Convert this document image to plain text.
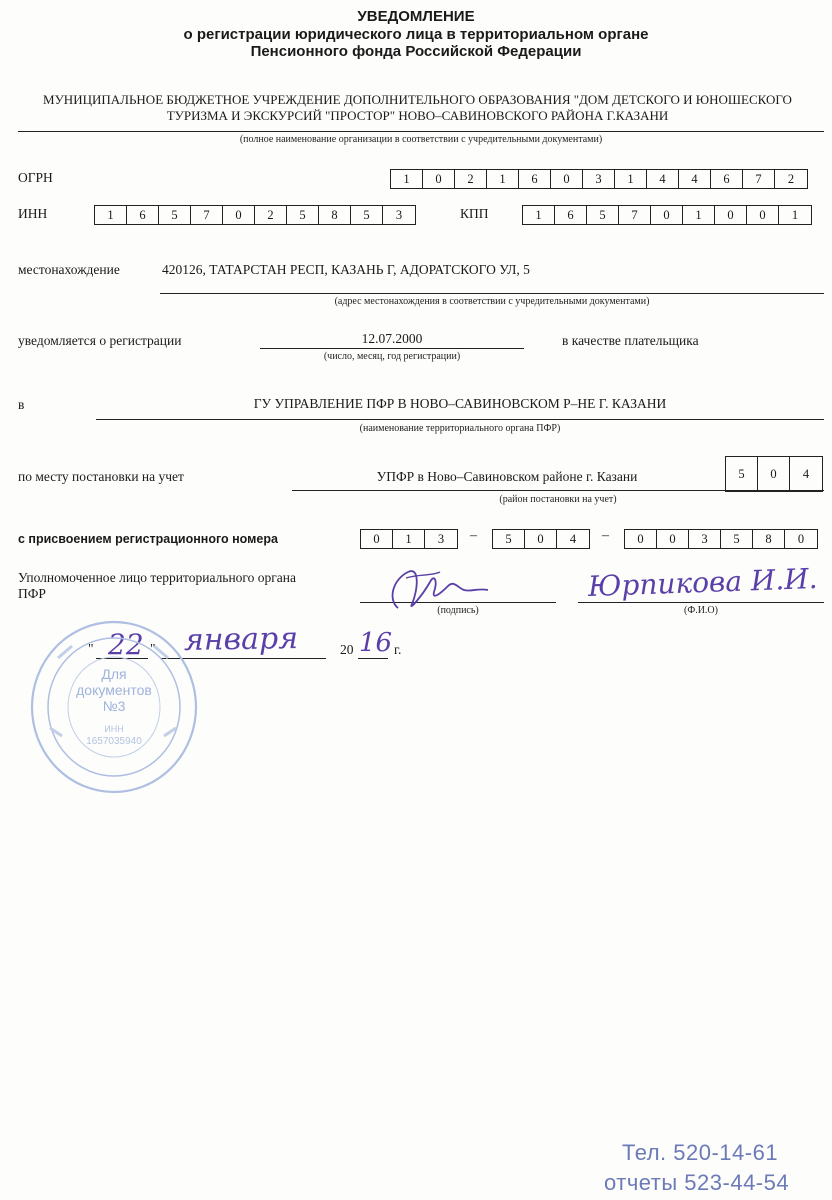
УВЕДОМЛЕНИЕ
о регистрации юридического лица в территориальном органе
Пенсионного фонда Российской Федерации
МУНИЦИПАЛЬНОЕ БЮДЖЕТНОЕ УЧРЕЖДЕНИЕ ДОПОЛНИТЕЛЬНОГО ОБРАЗОВАНИЯ "ДОМ ДЕТСКОГО И ЮНОШЕСКОГО
ТУРИЗМА И ЭКСКУРСИЙ "ПРОСТОР" НОВО–САВИНОВСКОГО РАЙОНА Г.КАЗАНИ
(полное наименование организации в соответствии с учредительными документами)
ОГРН	1	0	2	1	6	0	3	1	4	4	6	7	2
ИНН	1	6	5	7	0	2	5	8	5	3	КПП	1	6	5	7	0	1	0	0	1
местонахождение	420126, ТАТАРСТАН РЕСП, КАЗАНЬ Г, АДОРАТСКОГО УЛ, 5
(адрес местонахождения в соответствии с учредительными документами)
уведомляется о регистрации	12.07.2000
(число, месяц, год регистрации)
в качестве плательщика
в	ГУ УПРАВЛЕНИЕ ПФР В НОВО–САВИНОВСКОМ Р–НЕ Г. КАЗАНИ
(наименование территориального органа ПФР)
по месту постановки на учет	УПФР в Ново–Савиновском районе г. Казани
(район постановки на учет)
5	0	4
с присвоением регистрационного номера	0	1	3	–	5	0	4	–	0	0	3	5	8	0
Уполномоченное лицо территориального органа
ПФР
(подпись)	(Ф.И.О)
Юрпикова И.И.
" 22 " января	20 16 г.
Для
документов
№3
ИНН
1657035940
Тел. 520-14-61
отчеты 523-44-54
